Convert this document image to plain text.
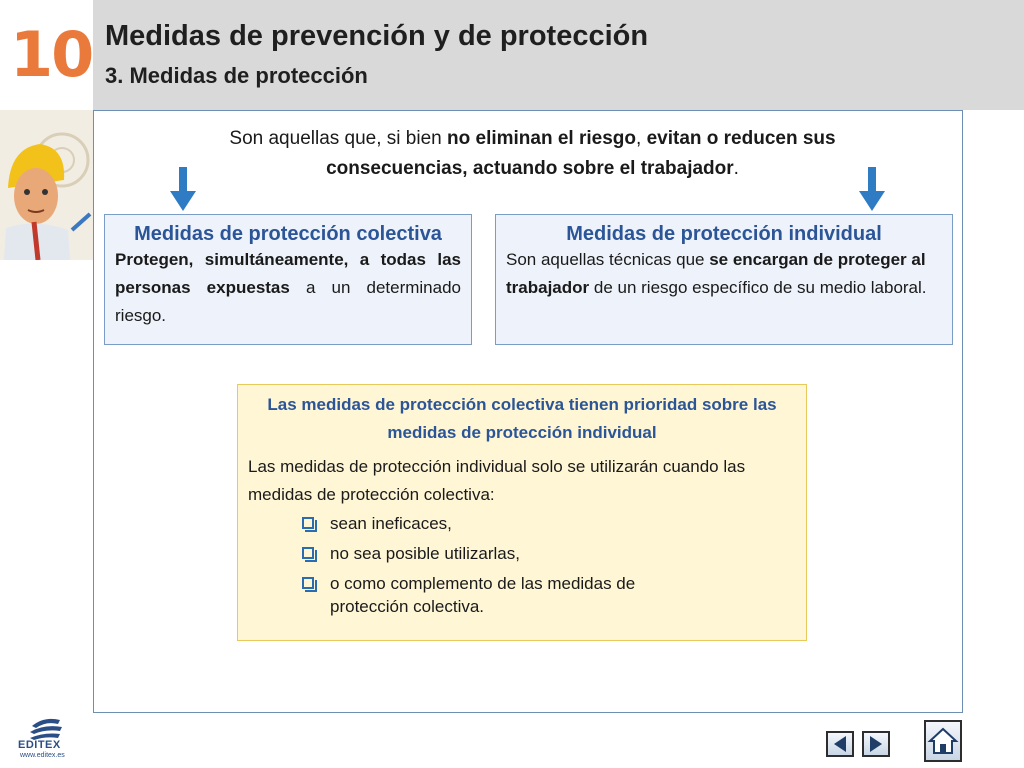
10 Medidas de prevención y de protección
3. Medidas de protección
Son aquellas que, si bien no eliminan el riesgo, evitan o reducen sus consecuencias, actuando sobre el trabajador.
Medidas de protección colectiva
Protegen, simultáneamente, a todas las personas expuestas a un determinado riesgo.
Medidas de protección individual
Son aquellas técnicas que se encargan de proteger al trabajador de un riesgo específico de su medio laboral.
Las medidas de protección colectiva tienen prioridad sobre las medidas de protección individual
Las medidas de protección individual solo se utilizarán cuando las medidas de protección colectiva:
sean ineficaces,
no sea posible utilizarlas,
o como complemento de las medidas de
protección colectiva.
EDITEX
www.editex.es
